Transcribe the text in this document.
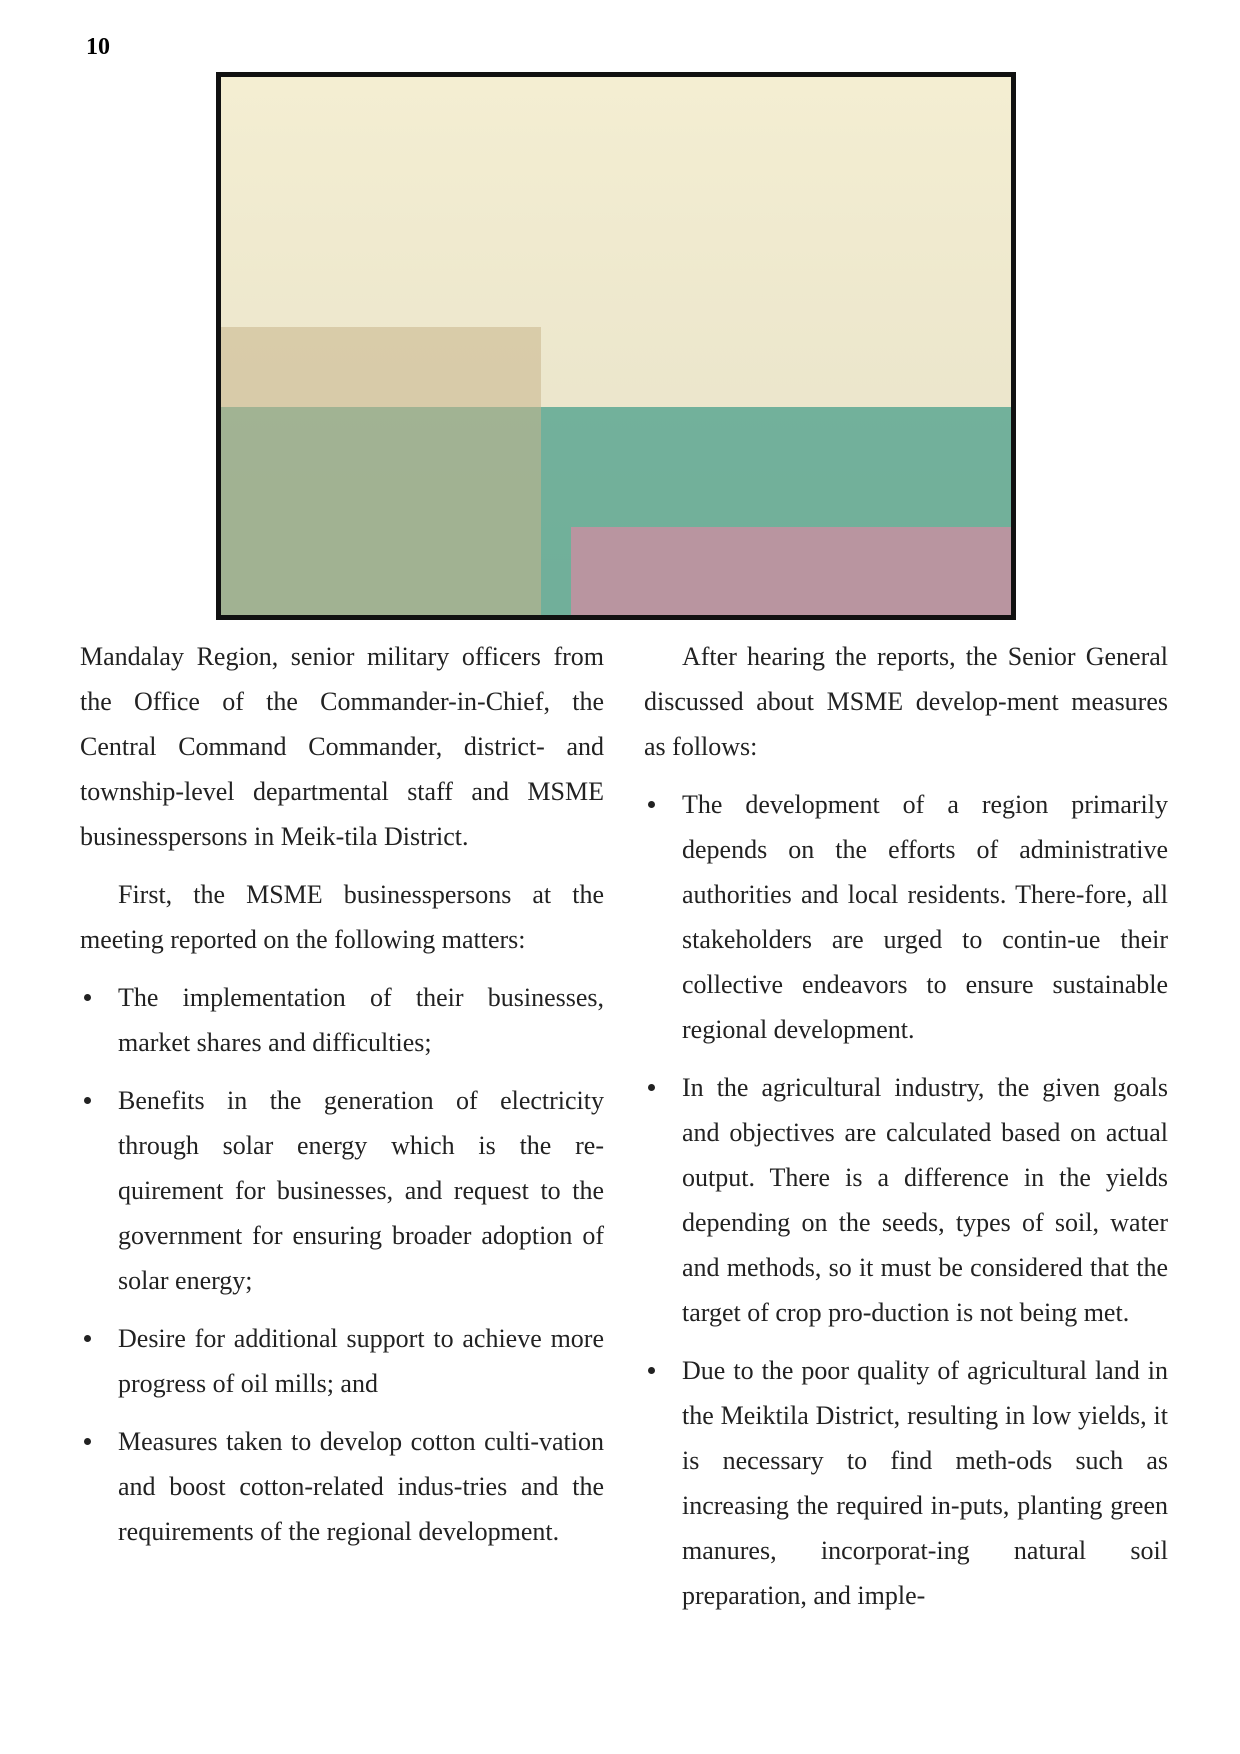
10

Mandalay Region, senior military officers from the Office of the Commander-in-Chief, the Central Command Commander, district- and township-level departmental staff and MSME businesspersons in Meik-tila District.

First, the MSME businesspersons at the meeting reported on the following matters:

The implementation of their businesses, market shares and difficulties;
Benefits in the generation of electricity through solar energy which is the re-quirement for businesses, and request to the government for ensuring broader adoption of solar energy;
Desire for additional support to achieve more progress of oil mills; and
Measures taken to develop cotton culti-vation and boost cotton-related indus-tries and the requirements of the regional development.

After hearing the reports, the Senior General discussed about MSME develop-ment measures as follows:

The development of a region primarily depends on the efforts of administrative authorities and local residents. There-fore, all stakeholders are urged to contin-ue their collective endeavors to ensure sustainable regional development.
In the agricultural industry, the given goals and objectives are calculated based on actual output. There is a difference in the yields depending on the seeds, types of soil, water and methods, so it must be considered that the target of crop pro-duction is not being met.
Due to the poor quality of agricultural land in the Meiktila District, resulting in low yields, it is necessary to find meth-ods such as increasing the required in-puts, planting green manures, incorporat-ing natural soil preparation, and imple-
